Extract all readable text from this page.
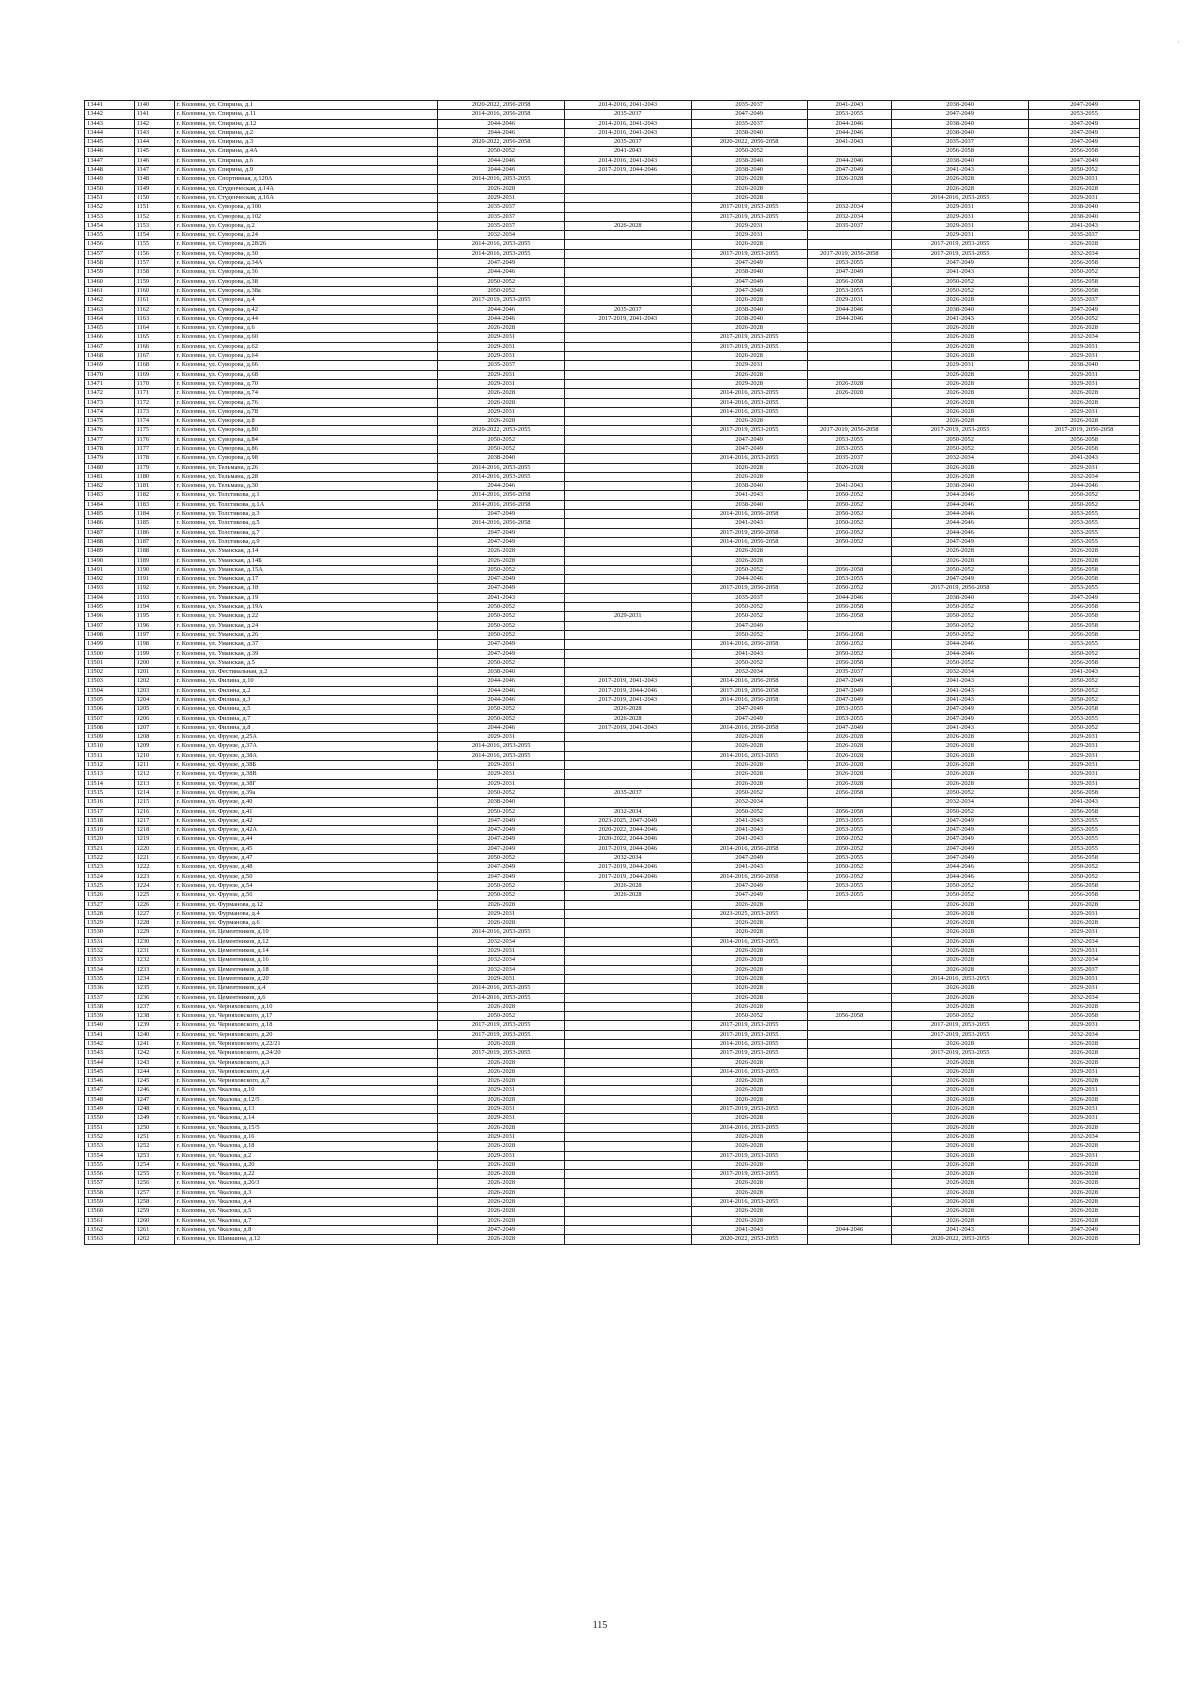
·
13441	1140	г. Коломна, ул. Спирина, д.1	2020-2022, 2056-2058	2014-2016, 2041-2043	2035-2037	2041-2043	2038-2040	2047-2049
13442	1141	г. Коломна, ул. Спирина, д.11	2014-2016, 2056-2058	2035-2037	2047-2049	2053-2055	2047-2049	2053-2055
13443	1142	г. Коломна, ул. Спирина, д.12	2044-2046	2014-2016, 2041-2043	2035-2037	2044-2046	2038-2040	2047-2049
13444	1143	г. Коломна, ул. Спирина, д.2	2044-2046	2014-2016, 2041-2043	2038-2040	2044-2046	2038-2040	2047-2049
13445	1144	г. Коломна, ул. Спирина, д.3	2020-2022, 2056-2058	2035-2037	2020-2022, 2056-2058	2041-2043	2035-2037	2047-2049
13446	1145	г. Коломна, ул. Спирина, д.4А	2050-2052	2041-2043	2050-2052		2056-2058	2056-2058
13447	1146	г. Коломна, ул. Спирина, д.6	2044-2046	2014-2016, 2041-2043	2038-2040	2044-2046	2038-2040	2047-2049
13448	1147	г. Коломна, ул. Спирина, д.9	2044-2046	2017-2019, 2044-2046	2038-2040	2047-2049	2041-2043	2050-2052
13449	1148	г. Коломна, ул. Спортивная, д.120А	2014-2016, 2053-2055		2026-2028	2026-2028	2026-2028	2029-2031
13450	1149	г. Коломна, ул. Студенческая, д.14А	2026-2028		2026-2028		2026-2028	2026-2028
13451	1150	г. Коломна, ул. Студенческая, д.16А	2029-2031		2026-2028		2014-2016, 2053-2055	2029-2031
13452	1151	г. Коломна, ул. Суворова, д.100	2035-2037		2017-2019, 2053-2055	2032-2034	2029-2031	2038-2040
13453	1152	г. Коломна, ул. Суворова, д.102	2035-2037		2017-2019, 2053-2055	2032-2034	2029-2031	2038-2040
13454	1153	г. Коломна, ул. Суворова, д.2	2035-2037	2026-2028	2029-2031	2035-2037	2029-2031	2041-2043
13455	1154	г. Коломна, ул. Суворова, д.24	2032-2034		2029-2031		2029-2031	2035-2037
13456	1155	г. Коломна, ул. Суворова, д.28/26	2014-2016, 2053-2055		2026-2028		2017-2019, 2053-2055	2026-2028
13457	1156	г. Коломна, ул. Суворова, д.30	2014-2016, 2053-2055		2017-2019, 2053-2055	2017-2019, 2056-2058	2017-2019, 2053-2055	2032-2034
13458	1157	г. Коломна, ул. Суворова, д.34А	2047-2049		2047-2049	2053-2055	2047-2049	2056-2058
13459	1158	г. Коломна, ул. Суворова, д.36	2044-2046		2038-2040	2047-2049	2041-2043	2050-2052
13460	1159	г. Коломна, ул. Суворова, д.38	2050-2052		2047-2049	2056-2058	2050-2052	2056-2058
13461	1160	г. Коломна, ул. Суворова, д.38а	2050-2052		2047-2049	2053-2055	2050-2052	2056-2058
13462	1161	г. Коломна, ул. Суворова, д.4	2017-2019, 2053-2055		2026-2028	2029-2031	2026-2028	2035-2037
13463	1162	г. Коломна, ул. Суворова, д.42	2044-2046	2035-2037	2038-2040	2044-2046	2038-2040	2047-2049
13464	1163	г. Коломна, ул. Суворова, д.44	2044-2046	2017-2019, 2041-2043	2038-2040	2044-2046	2041-2043	2050-2052
13465	1164	г. Коломна, ул. Суворова, д.6	2026-2028		2026-2028		2026-2028	2026-2028
13466	1165	г. Коломна, ул. Суворова, д.60	2029-2031		2017-2019, 2053-2055		2026-2028	2032-2034
13467	1166	г. Коломна, ул. Суворова, д.62	2029-2031		2017-2019, 2053-2055		2026-2028	2029-2031
13468	1167	г. Коломна, ул. Суворова, д.64	2029-2031		2026-2028		2026-2028	2029-2031
13469	1168	г. Коломна, ул. Суворова, д.66	2035-2037		2029-2031		2029-2031	2038-2040
13470	1169	г. Коломна, ул. Суворова, д.68	2029-2031		2026-2028		2026-2028	2029-2031
13471	1170	г. Коломна, ул. Суворова, д.70	2029-2031		2029-2028	2026-2028	2026-2028	2029-2031
13472	1171	г. Коломна, ул. Суворова, д.74	2026-2028		2014-2016, 2053-2055	2026-2028	2026-2028	2026-2028
13473	1172	г. Коломна, ул. Суворова, д.76	2026-2028		2014-2016, 2053-2055		2026-2028	2026-2028
13474	1173	г. Коломна, ул. Суворова, д.78	2029-2031		2014-2016, 2053-2055		2026-2028	2029-2031
13475	1174	г. Коломна, ул. Суворова, д.8	2026-2028		2026-2028		2026-2028	2026-2028
13476	1175	г. Коломна, ул. Суворова, д.80	2020-2022, 2053-2055		2017-2019, 2053-2055	2017-2019, 2056-2058	2017-2019, 2053-2055	2017-2019, 2056-2058
13477	1176	г. Коломна, ул. Суворова, д.84	2050-2052		2047-2049	2053-2055	2050-2052	2056-2058
13478	1177	г. Коломна, ул. Суворова, д.86	2050-2052		2047-2049	2053-2055	2050-2052	2056-2058
13479	1178	г. Коломна, ул. Суворова, д.98	2038-2040		2014-2016, 2053-2055	2035-2037	2032-2034	2041-2043
13480	1179	г. Коломна, ул. Тельмана, д.26	2014-2016, 2053-2055		2026-2028	2026-2028	2026-2028	2029-2031
13481	1180	г. Коломна, ул. Тельмана, д.28	2014-2016, 2053-2055		2026-2028		2026-2028	2032-2034
13482	1181	г. Коломна, ул. Тельмана, д.30	2044-2046		2038-2040	2041-2043	2038-2040	2044-2046
13483	1182	г. Коломна, ул. Толстикова, д.1	2014-2016, 2056-2058		2041-2043	2050-2052	2044-2046	2050-2052
13484	1183	г. Коломна, ул. Толстикова, д.1А	2014-2016, 2056-2058		2038-2040	2050-2052	2044-2046	2050-2052
13485	1184	г. Коломна, ул. Толстикова, д.3	2047-2049		2014-2016, 2056-2058	2050-2052	2044-2046	2053-2055
13486	1185	г. Коломна, ул. Толстикова, д.5	2014-2016, 2056-2058		2041-2043	2050-2052	2044-2046	2053-2055
13487	1186	г. Коломна, ул. Толстикова, д.7	2047-2049		2017-2019, 2056-2058	2050-2052	2044-2046	2053-2055
13488	1187	г. Коломна, ул. Толстикова, д.9	2047-2049		2014-2016, 2056-2058	2050-2052	2047-2049	2053-2055
13489	1188	г. Коломна, ул. Уманская, д.14	2026-2028		2026-2028		2026-2028	2026-2028
13490	1189	г. Коломна, ул. Уманская, д.14Б	2026-2028		2026-2028		2026-2028	2026-2028
13491	1190	г. Коломна, ул. Уманская, д.15А	2050-2052		2050-2052	2056-2058	2050-2052	2056-2058
13492	1191	г. Коломна, ул. Уманская, д.17	2047-2049		2044-2046	2053-2055	2047-2049	2056-2058
13493	1192	г. Коломна, ул. Уманская, д.18	2047-2049		2017-2019, 2056-2058	2050-2052	2017-2019, 2056-2058	2053-2055
13494	1193	г. Коломна, ул. Уманская, д.19	2041-2043		2035-2037	2044-2046	2038-2040	2047-2049
13495	1194	г. Коломна, ул. Уманская, д.19А	2050-2052		2050-2052	2056-2058	2050-2052	2056-2058
13496	1195	г. Коломна, ул. Уманская, д.22	2050-2052	2029-2031	2050-2052	2056-2058	2050-2052	2056-2058
13497	1196	г. Коломна, ул. Уманская, д.24	2050-2052		2047-2049		2050-2052	2056-2058
13498	1197	г. Коломна, ул. Уманская, д.26	2050-2052		2050-2052	2056-2058	2050-2052	2056-2058
13499	1198	г. Коломна, ул. Уманская, д.37	2047-2049		2014-2016, 2056-2058	2050-2052	2044-2046	2053-2055
13500	1199	г. Коломна, ул. Уманская, д.39	2047-2049		2041-2043	2050-2052	2044-2046	2050-2052
13501	1200	г. Коломна, ул. Уманская, д.5	2050-2052		2050-2052	2056-2058	2050-2052	2056-2058
13502	1201	г. Коломна, ул. Фестивальная, д.2	2038-2040		2032-2034	2035-2037	2032-2034	2041-2043
13503	1202	г. Коломна, ул. Филина, д.10	2044-2046	2017-2019, 2041-2043	2014-2016, 2056-2058	2047-2049	2041-2043	2050-2052
13504	1203	г. Коломна, ул. Филина, д.2	2044-2046	2017-2019, 2044-2046	2017-2019, 2056-2058	2047-2049	2041-2043	2050-2052
13505	1204	г. Коломна, ул. Филина, д.3	2044-2046	2017-2019, 2041-2043	2014-2016, 2056-2058	2047-2049	2041-2043	2050-2052
13506	1205	г. Коломна, ул. Филина, д.5	2050-2052	2026-2028	2047-2049	2053-2055	2047-2049	2056-2058
13507	1206	г. Коломна, ул. Филина, д.7	2050-2052	2026-2028	2047-2049	2053-2055	2047-2049	2053-2055
13508	1207	г. Коломна, ул. Филина, д.8	2044-2046	2017-2019, 2041-2043	2014-2016, 2056-2058	2047-2049	2041-2043	2050-2052
13509	1208	г. Коломна, ул. Фрунзе, д.25А	2029-2031		2026-2028	2026-2028	2026-2028	2029-2031
13510	1209	г. Коломна, ул. Фрунзе, д.37А	2014-2016, 2053-2055		2026-2028	2026-2028	2026-2028	2029-2031
13511	1210	г. Коломна, ул. Фрунзе, д.38А	2014-2016, 2053-2055		2014-2016, 2053-2055	2026-2028	2026-2028	2029-2031
13512	1211	г. Коломна, ул. Фрунзе, д.38Б	2029-2031		2026-2028	2026-2028	2026-2028	2029-2031
13513	1212	г. Коломна, ул. Фрунзе, д.38В	2029-2031		2026-2028	2026-2028	2026-2028	2029-2031
13514	1213	г. Коломна, ул. Фрунзе, д.38Г	2029-2031		2026-2028	2026-2028	2026-2028	2029-2031
13515	1214	г. Коломна, ул. Фрунзе, д.39а	2050-2052	2035-2037	2050-2052	2056-2058	2050-2052	2056-2058
13516	1215	г. Коломна, ул. Фрунзе, д.40	2038-2040		2032-2034		2032-2034	2041-2043
13517	1216	г. Коломна, ул. Фрунзе, д.41	2050-2052	2032-2034	2050-2052	2056-2058	2050-2052	2056-2058
13518	1217	г. Коломна, ул. Фрунзе, д.42	2047-2049	2023-2025, 2047-2049	2041-2043	2053-2055	2047-2049	2053-2055
13519	1218	г. Коломна, ул. Фрунзе, д.42А	2047-2049	2020-2022, 2044-2046	2041-2043	2053-2055	2047-2049	2053-2055
13520	1219	г. Коломна, ул. Фрунзе, д.44	2047-2049	2020-2022, 2044-2046	2041-2043	2050-2052	2047-2049	2053-2055
13521	1220	г. Коломна, ул. Фрунзе, д.45	2047-2049	2017-2019, 2044-2046	2014-2016, 2056-2058	2050-2052	2047-2049	2053-2055
13522	1221	г. Коломна, ул. Фрунзе, д.47	2050-2052	2032-2034	2047-2049	2053-2055	2047-2049	2056-2058
13523	1222	г. Коломна, ул. Фрунзе, д.48	2047-2049	2017-2019, 2044-2046	2041-2043	2050-2052	2044-2046	2050-2052
13524	1223	г. Коломна, ул. Фрунзе, д.50	2047-2049	2017-2019, 2044-2046	2014-2016, 2056-2058	2050-2052	2044-2046	2050-2052
13525	1224	г. Коломна, ул. Фрунзе, д.54	2050-2052	2026-2028	2047-2049	2053-2055	2050-2052	2056-2058
13526	1225	г. Коломна, ул. Фрунзе, д.56	2050-2052	2026-2028	2047-2049	2053-2055	2050-2052	2056-2058
13527	1226	г. Коломна, ул. Фурманова, д.12	2026-2028		2026-2028		2026-2028	2026-2028
13528	1227	г. Коломна, ул. Фурманова, д.4	2029-2031		2023-2025, 2053-2055		2026-2028	2029-2031
13529	1228	г. Коломна, ул. Фурманова, д.6	2026-2028		2026-2028		2026-2028	2026-2028
13530	1229	г. Коломна, ул. Цементников, д.10	2014-2016, 2053-2055		2026-2028		2026-2028	2029-2031
13531	1230	г. Коломна, ул. Цементников, д.12	2032-2034		2014-2016, 2053-2055		2026-2028	2032-2034
13532	1231	г. Коломна, ул. Цементников, д.14	2029-2031		2026-2028		2026-2028	2029-2031
13533	1232	г. Коломна, ул. Цементников, д.16	2032-2034		2026-2028		2026-2028	2032-2034
13534	1233	г. Коломна, ул. Цементников, д.18	2032-2034		2026-2028		2026-2028	2035-2037
13535	1234	г. Коломна, ул. Цементников, д.20	2029-2031		2026-2028		2014-2016, 2053-2055	2029-2031
13536	1235	г. Коломна, ул. Цементников, д.4	2014-2016, 2053-2055		2026-2028		2026-2028	2029-2031
13537	1236	г. Коломна, ул. Цементников, д.6	2014-2016, 2053-2055		2026-2028		2026-2028	2032-2034
13538	1237	г. Коломна, ул. Черняховского, д.10	2026-2028		2026-2028		2026-2028	2026-2028
13539	1238	г. Коломна, ул. Черняховского, д.17	2050-2052		2050-2052	2056-2058	2050-2052	2056-2058
13540	1239	г. Коломна, ул. Черняховского, д.18	2017-2019, 2053-2055		2017-2019, 2053-2055		2017-2019, 2053-2055	2029-2031
13541	1240	г. Коломна, ул. Черняховского, д.20	2017-2019, 2053-2055		2017-2019, 2053-2055		2017-2019, 2053-2055	2032-2034
13542	1241	г. Коломна, ул. Черняховского, д.22/21	2026-2028		2014-2016, 2053-2055		2026-2028	2026-2028
13543	1242	г. Коломна, ул. Черняховского, д.24/20	2017-2019, 2053-2055		2017-2019, 2053-2055		2017-2019, 2053-2055	2026-2028
13544	1243	г. Коломна, ул. Черняховского, д.3	2026-2028		2026-2028		2026-2028	2026-2028
13545	1244	г. Коломна, ул. Черняховского, д.4	2026-2028		2014-2016, 2053-2055		2026-2028	2029-2031
13546	1245	г. Коломна, ул. Черняховского, д.7	2026-2028		2026-2028		2026-2028	2026-2028
13547	1246	г. Коломна, ул. Чкалова, д.10	2029-2031		2026-2028		2026-2028	2029-2031
13548	1247	г. Коломна, ул. Чкалова, д.12/5	2026-2028		2026-2028		2026-2028	2026-2028
13549	1248	г. Коломна, ул. Чкалова, д.13	2029-2031		2017-2019, 2053-2055		2026-2028	2029-2031
13550	1249	г. Коломна, ул. Чкалова, д.14	2029-2031		2026-2028		2026-2028	2029-2031
13551	1250	г. Коломна, ул. Чкалова, д.15/5	2026-2028		2014-2016, 2053-2055		2026-2028	2026-2028
13552	1251	г. Коломна, ул. Чкалова, д.16	2029-2031		2026-2028		2026-2028	2032-2034
13553	1252	г. Коломна, ул. Чкалова, д.18	2026-2028		2026-2028		2026-2028	2026-2028
13554	1253	г. Коломна, ул. Чкалова, д.2	2029-2031		2017-2019, 2053-2055		2026-2028	2029-2031
13555	1254	г. Коломна, ул. Чкалова, д.20	2026-2028		2026-2028		2026-2028	2026-2028
13556	1255	г. Коломна, ул. Чкалова, д.22	2026-2028		2017-2019, 2053-2055		2026-2028	2026-2028
13557	1256	г. Коломна, ул. Чкалова, д.26/3	2026-2028		2026-2028		2026-2028	2026-2028
13558	1257	г. Коломна, ул. Чкалова, д.3	2026-2028		2026-2028		2026-2028	2026-2028
13559	1258	г. Коломна, ул. Чкалова, д.4	2026-2028		2014-2016, 2053-2055		2026-2028	2026-2028
13560	1259	г. Коломна, ул. Чкалова, д.5	2026-2028		2026-2028		2026-2028	2026-2028
13561	1260	г. Коломна, ул. Чкалова, д.7	2026-2028		2026-2028		2026-2028	2026-2028
13562	1261	г. Коломна, ул. Чкалова, д.8	2047-2049		2041-2043	2044-2046	2041-2043	2047-2049
13563	1262	г. Коломна, ул. Шамшина, д.12	2026-2028		2020-2022, 2053-2055		2020-2022, 2053-2055	2026-2028
115
